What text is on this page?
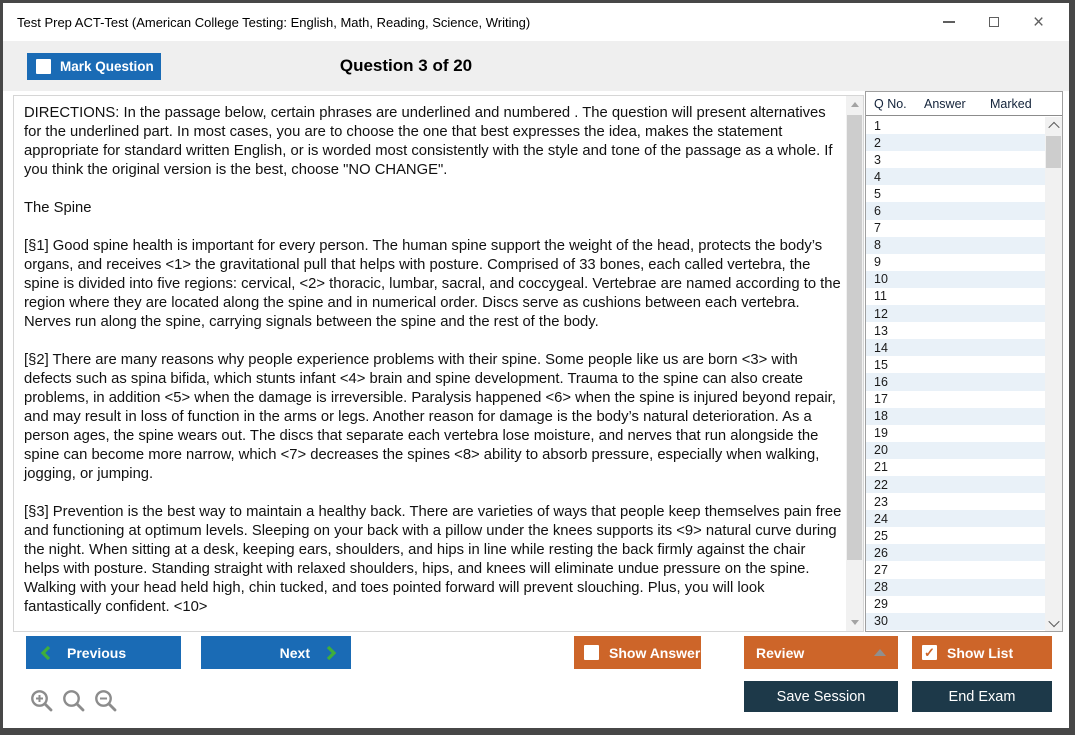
Test Prep ACT-Test (American College Testing: English, Math, Reading, Science, Writing)	×
Mark Question	Question 3 of 20

DIRECTIONS: In the passage below, certain phrases are underlined and numbered . The question will present alternatives for the underlined part. In most cases, you are to choose the one that best expresses the idea, makes the statement appropriate for standard written English, or is worded most consistently with the style and tone of the passage as a whole. If you think the original version is the best, choose "NO CHANGE".

The Spine

[§1] Good spine health is important for every person. The human spine support the weight of the head, protects the body’s organs, and receives <1> the gravitational pull that helps with posture. Comprised of 33 bones, each called vertebra, the spine is divided into five regions: cervical, <2> thoracic, lumbar, sacral, and coccygeal. Vertebrae are named according to the region where they are located along the spine and in numerical order. Discs serve as cushions between each vertebra. Nerves run along the spine, carrying signals between the spine and the rest of the body.

[§2] There are many reasons why people experience problems with their spine. Some people like us are born <3> with defects such as spina bifida, which stunts infant <4> brain and spine development. Trauma to the spine can also create problems, in addition <5> when the damage is irreversible. Paralysis happened <6> when the spine is injured beyond repair, and may result in loss of function in the arms or legs. Another reason for damage is the body’s natural deterioration. As a person ages, the spine wears out. The discs that separate each vertebra lose moisture, and nerves that run alongside the spine can become more narrow, which <7> decreases the spines <8> ability to absorb pressure, especially when walking, jogging, or jumping.

[§3] Prevention is the best way to maintain a healthy back. There are varieties of ways that people keep themselves pain free and functioning at optimum levels. Sleeping on your back with a pillow under the knees supports its <9> natural curve during the night. When sitting at a desk, keeping ears, shoulders, and hips in line while resting the back firmly against the chair helps with posture. Standing straight with relaxed shoulders, hips, and knees will eliminate undue pressure on the spine. Walking with your head held high, chin tucked, and toes pointed forward will prevent slouching. Plus, you will look fantastically confident. <10>

Q No.	Answer	Marked
1
2
3
4
5
6
7
8
9
10
11
12
13
14
15
16
17
18
19
20
21
22
23
24
25
26
27
28
29
30
Previous	Next	Show Answer	Review	✓ Show List
Save Session	End Exam
